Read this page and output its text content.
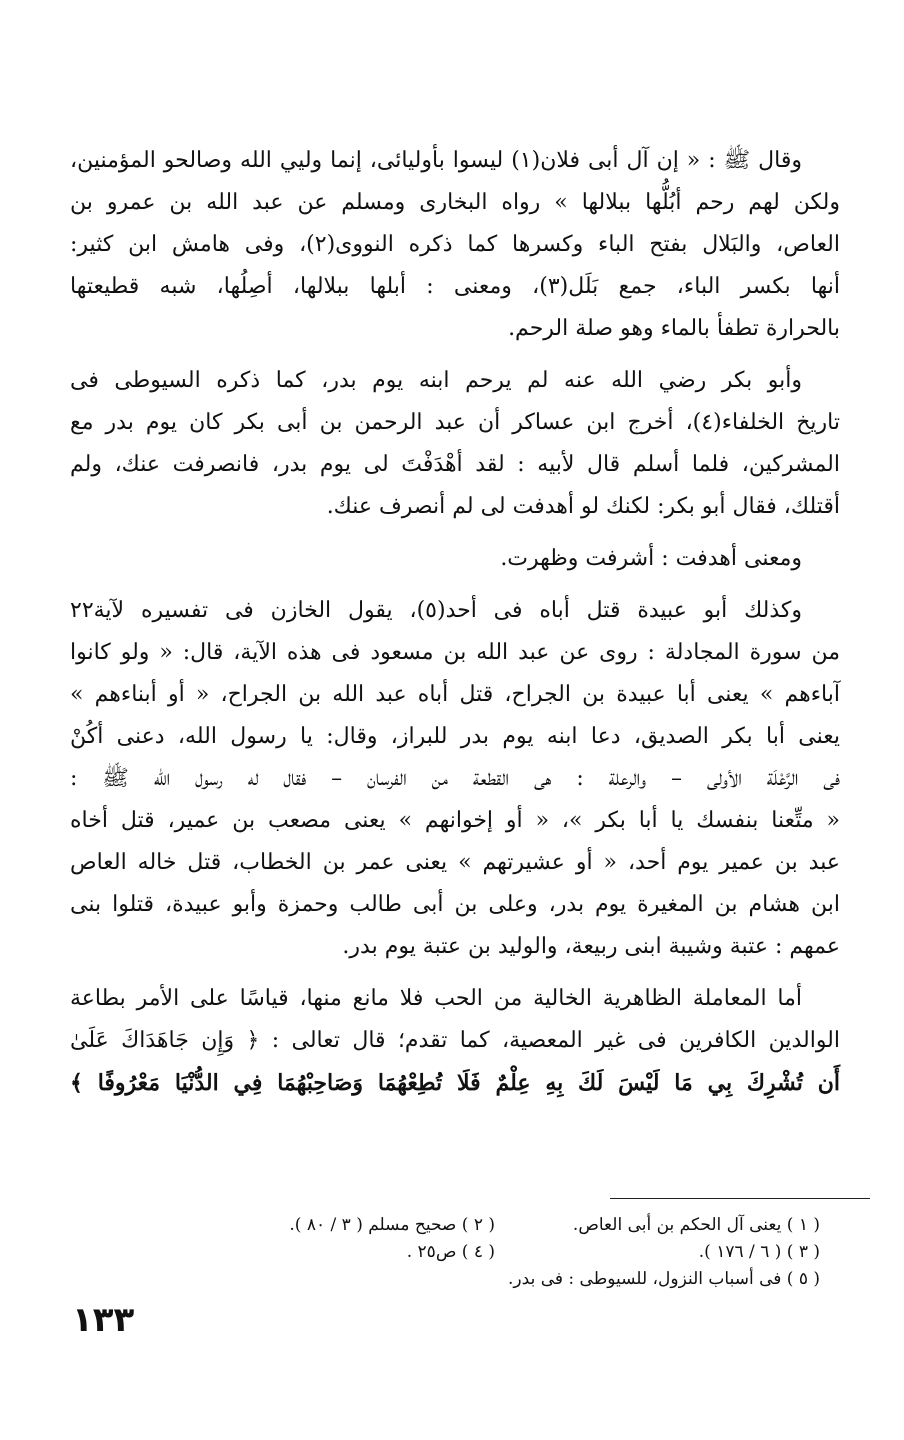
وقال ﷺ : « إن آل أبى فلان(١) ليسوا بأوليائى، إنما وليي الله وصالحو المؤمنين،
ولكن لهم رحم أبُلُّها ببلالها » رواه البخارى ومسلم عن عبد الله بن عمرو بن
العاص، والبَلال بفتح الباء وكسرها كما ذكره النووى(٢)، وفى هامش ابن كثير:
أنها بكسر الباء، جمع بَلَل(٣)، ومعنى : أبلها ببلالها، أصِلُها، شبه قطيعتها
بالحرارة تطفأ بالماء وهو صلة الرحم.
وأبو بكر رضي الله عنه لم يرحم ابنه يوم بدر، كما ذكره السيوطى فى
تاريخ الخلفاء(٤)، أخرج ابن عساكر أن عبد الرحمن بن أبى بكر كان يوم بدر مع
المشركين، فلما أسلم قال لأبيه : لقد أهْدَفْتَ لى يوم بدر، فانصرفت عنك، ولم
أقتلك، فقال أبو بكر: لكنك لو أهدفت لى لم أنصرف عنك.
ومعنى أهدفت : أشرفت وظهرت.
وكذلك أبو عبيدة قتل أباه فى أحد(٥)، يقول الخازن فى تفسيره لآية٢٢
من سورة المجادلة : روى عن عبد الله بن مسعود فى هذه الآية، قال: « ولو كانوا
آباءهم » يعنى أبا عبيدة بن الجراح، قتل أباه عبد الله بن الجراح، « أو أبناءهم »
يعنى أبا بكر الصديق، دعا ابنه يوم بدر للبراز، وقال: يا رسول الله، دعنى أكُنْ
فى الرَّعْلَة الأولى – والرعلة : هى القطعة من الفرسان – فقال له رسول الله ﷺ :
« متِّعنا بنفسك يا أبا بكر »، « أو إخوانهم » يعنى مصعب بن عمير، قتل أخاه
عبد بن عمير يوم أحد، « أو عشيرتهم » يعنى عمر بن الخطاب، قتل خاله العاص
ابن هشام بن المغيرة يوم بدر، وعلى بن أبى طالب وحمزة وأبو عبيدة، قتلوا بنى
عمهم : عتبة وشيبة ابنى ربيعة، والوليد بن عتبة يوم بدر.
أما المعاملة الظاهرية الخالية من الحب فلا مانع منها، قياسًا على الأمر بطاعة
الوالدين الكافرين فى غير المعصية، كما تقدم؛ قال تعالى : ﴿ وَإِن جَاهَدَاكَ عَلَىٰ
أَن تُشْرِكَ بِي مَا لَيْسَ لَكَ بِهِ عِلْمٌ فَلَا تُطِعْهُمَا وَصَاحِبْهُمَا فِي الدُّنْيَا مَعْرُوفًا ﴾
( ١ ) يعنى آل الحكم بن أبى العاص.
( ٢ ) صحيح مسلم ( ٣ / ٨٠ ).
( ٣ ) ( ٦ / ١٧٦ ).
( ٤ ) ص٢٥ .
( ٥ ) فى أسباب النزول، للسيوطى : فى بدر.
١٣٣
